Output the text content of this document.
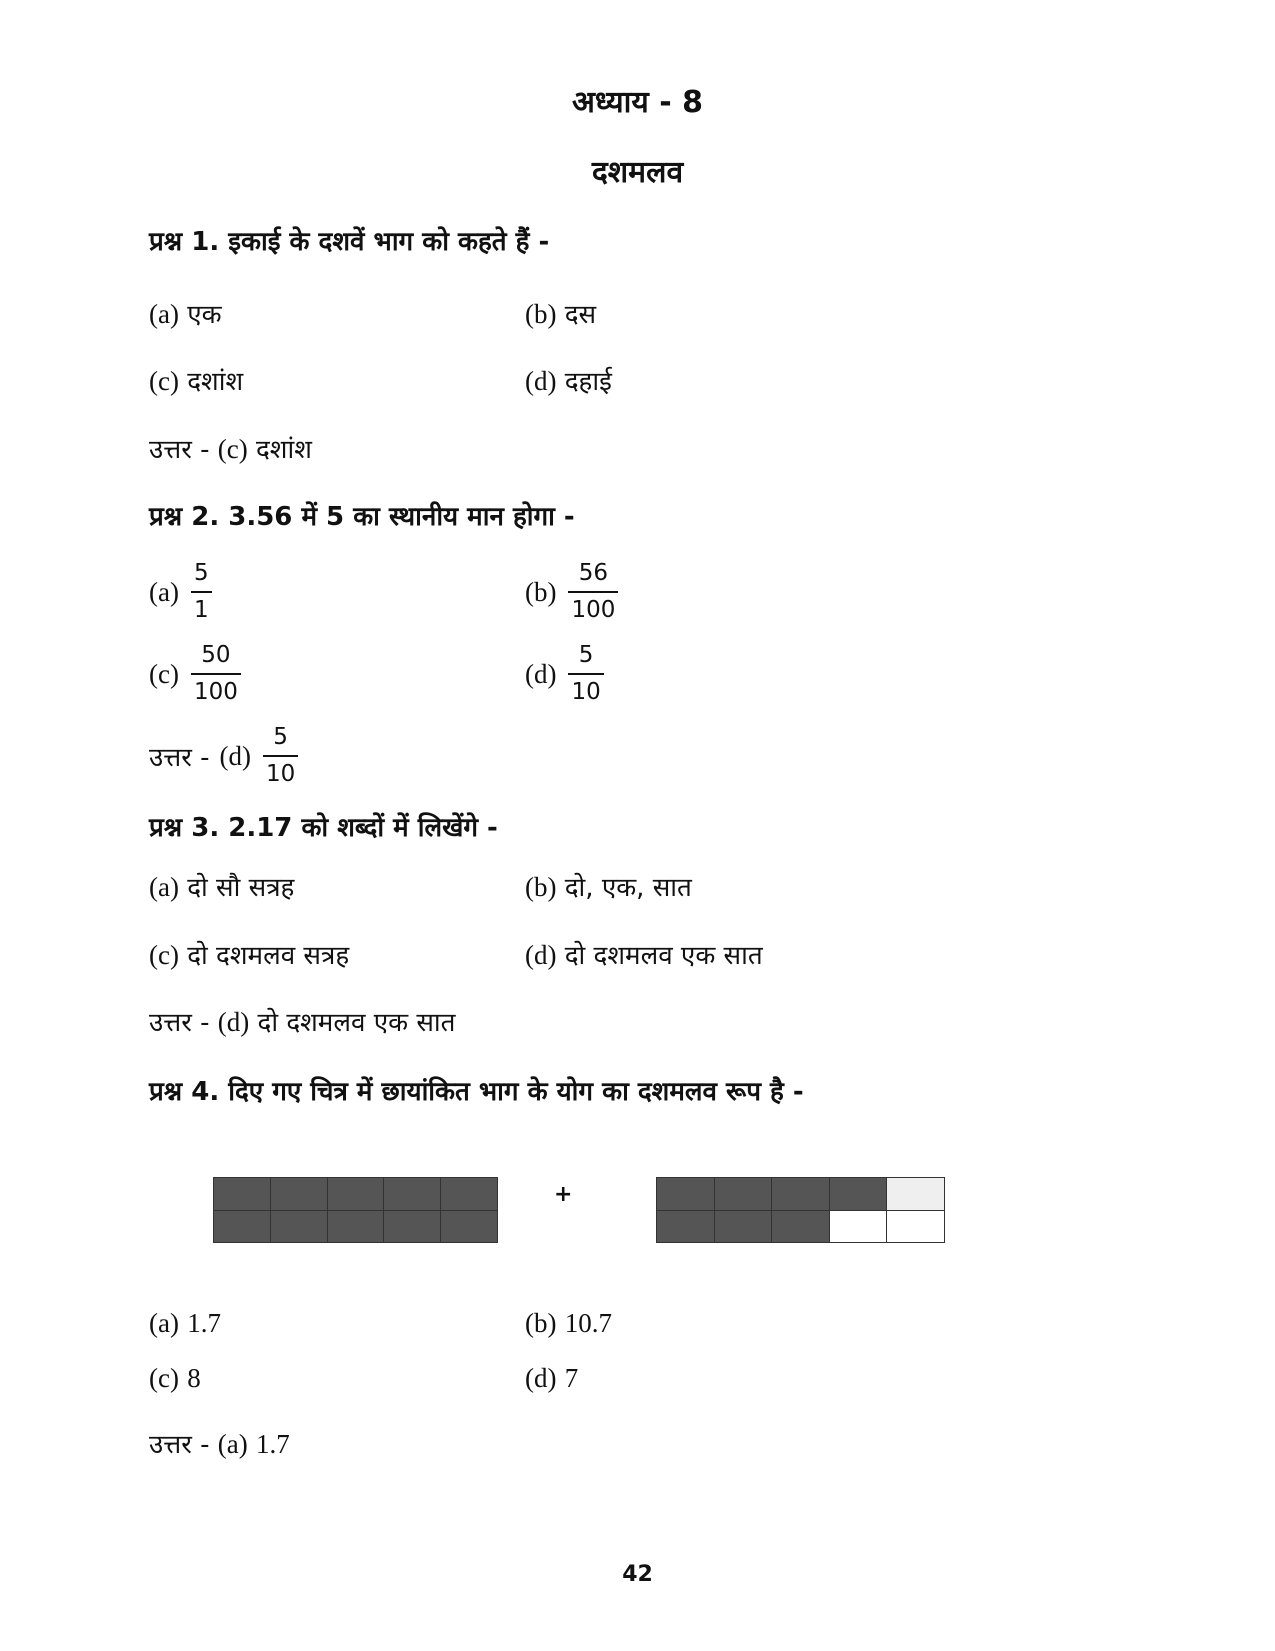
अध्याय - 8
दशमलव
प्रश्न 1. इकाई के दशवें भाग को कहते हैं -
(a) एक	(b) दस
(c) दशांश	(d) दहाई
उत्तर - (c) दशांश
प्रश्न 2. 3.56 में 5 का स्थानीय मान होगा -
$(a) \frac{5}{1}$	$(b) \frac{56}{100}$
$(c) \frac{50}{100}$	$(d) \frac{5}{10}$
उत्तर - $(d) \frac{5}{10}$
प्रश्न 3. 2.17 को शब्दों में लिखेंगे -
(a) दो सौ सत्रह	(b) दो, एक, सात
(c) दो दशमलव सत्रह	(d) दो दशमलव एक सात
उत्तर - (d) दो दशमलव एक सात
प्रश्न 4. दिए गए चित्र में छायांकित भाग के योग का दशमलव रूप है -

+

(a) 1.7	(b) 10.7
(c) 8	(d) 7
उत्तर - (a) 1.7
42
